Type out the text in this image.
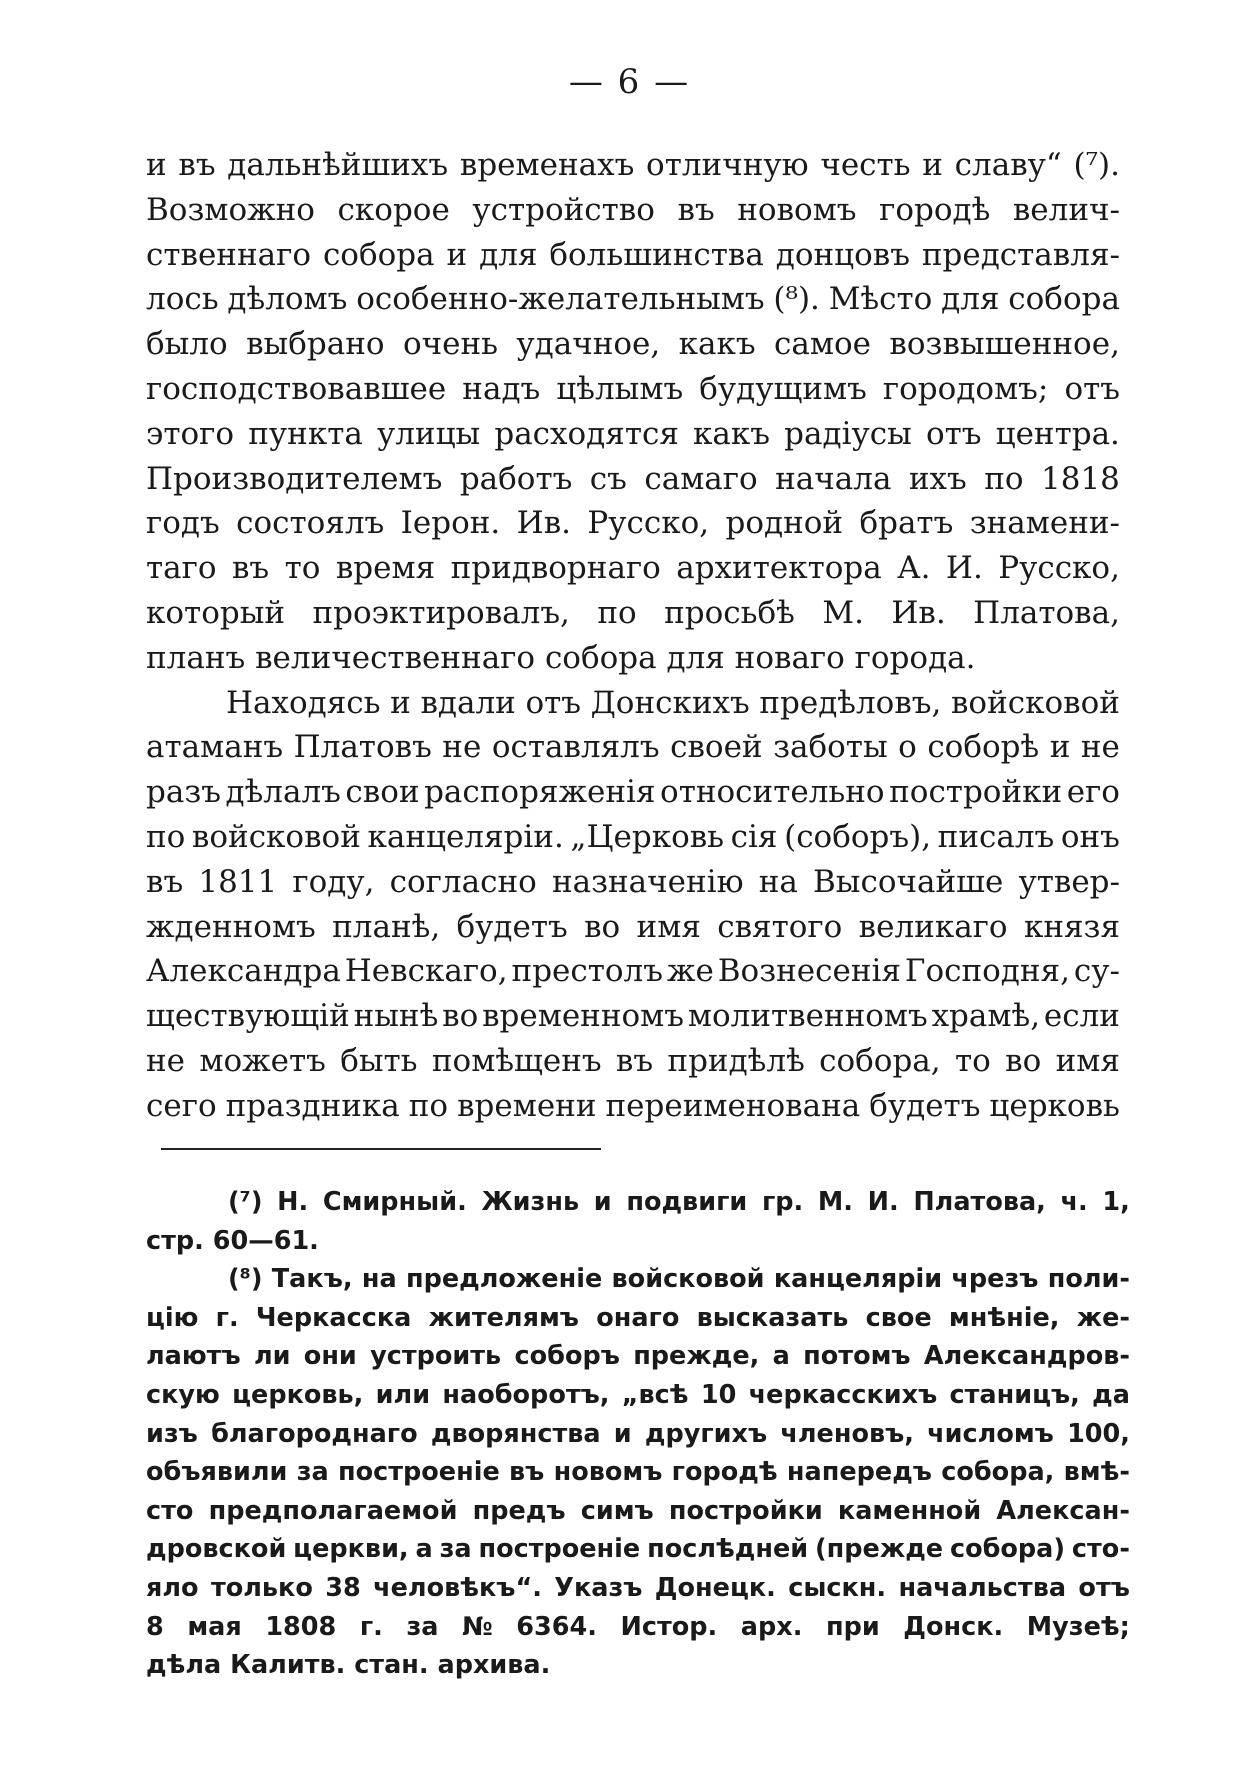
— 6 —
и въ дальнѣйшихъ временахъ отличную честь и славу“ (⁷).
Возможно скорое устройство въ новомъ городѣ велич-
ственнаго собора и для большинства донцовъ представля-
лось дѣломъ особенно-желательнымъ (⁸). Мѣсто для собора
было выбрано очень удачное, какъ самое возвышенное,
господствовавшее надъ цѣлымъ будущимъ городомъ; отъ
этого пункта улицы расходятся какъ радіусы отъ центра.
Производителемъ работъ съ самаго начала ихъ по 1818
годъ состоялъ Іерон. Ив. Русско, родной братъ знамени-
таго въ то время придворнаго архитектора А. И. Русско,
который проэктировалъ, по просьбѣ М. Ив. Платова,
планъ величественнаго собора для новаго города.
Находясь и вдали отъ Донскихъ предѣловъ, войсковой
атаманъ Платовъ не оставлялъ своей заботы о соборѣ и не
разъ дѣлалъ свои распоряженія относительно постройки его
по войсковой канцеляріи. „Церковь сія (соборъ), писалъ онъ
въ 1811 году, согласно назначенію на Высочайше утвер-
жденномъ планѣ, будетъ во имя святого великаго князя
Александра Невскаго, престолъ же Вознесенія Господня, су-
ществующій нынѣ во временномъ молитвенномъ храмѣ, если
не можетъ быть помѣщенъ въ придѣлѣ собора, то во имя
сего праздника по времени переименована будетъ церковь
(⁷) Н. Смирный. Жизнь и подвиги гр. М. И. Платова, ч. 1,
стр. 60—61.
(⁸) Такъ, на предложеніе войсковой канцеляріи чрезъ поли-
цію г. Черкасска жителямъ онаго высказать свое мнѣніе, же-
лаютъ ли они устроить соборъ прежде, а потомъ Александров-
скую церковь, или наоборотъ, „всѣ 10 черкасскихъ станицъ, да
изъ благороднаго дворянства и другихъ членовъ, числомъ 100,
объявили за построеніе въ новомъ городѣ напередъ собора, вмѣ-
сто предполагаемой предъ симъ постройки каменной Алексан-
дровской церкви, а за построеніе послѣдней (прежде собора) сто-
яло только 38 человѣкъ“. Указъ Донецк. сыскн. начальства отъ
8 мая 1808 г. за № 6364. Истор. арх. при Донск. Музеѣ;
дѣла Калитв. стан. архива.
